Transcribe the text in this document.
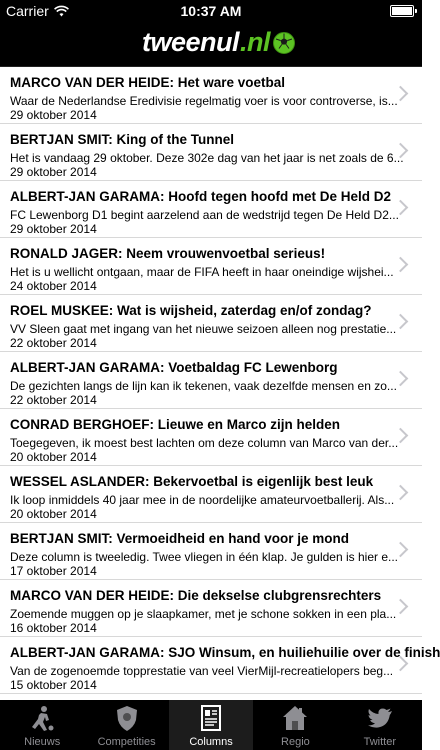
Carrier	10:37 AM
tweenul .nl
MARCO VAN DER HEIDE: Het ware voetbal
Waar de Nederlandse Eredivisie regelmatig voer is voor controverse, is...
29 oktober 2014
BERTJAN SMIT: King of the Tunnel
Het is vandaag 29 oktober. Deze 302e dag van het jaar is net zoals de 6...
29 oktober 2014
ALBERT-JAN GARAMA: Hoofd tegen hoofd met De Held D2
FC Lewenborg D1 begint aarzelend aan de wedstrijd tegen De Held D2...
29 oktober 2014
RONALD JAGER: Neem vrouwenvoetbal serieus!
Het is u wellicht ontgaan, maar de FIFA heeft in haar oneindige wijshei...
24 oktober 2014
ROEL MUSKEE: Wat is wijsheid, zaterdag en/of zondag?
VV Sleen gaat met ingang van het nieuwe seizoen alleen nog prestatie...
22 oktober 2014
ALBERT-JAN GARAMA: Voetbaldag FC Lewenborg
De gezichten langs de lijn kan ik tekenen, vaak dezelfde mensen en zo...
22 oktober 2014
CONRAD BERGHOEF: Lieuwe en Marco zijn helden
Toegegeven, ik moest best lachten om deze column van Marco van der...
20 oktober 2014
WESSEL ASLANDER: Bekervoetbal is eigenlijk best leuk
Ik loop inmiddels 40 jaar mee in de noordelijke amateurvoetballerij. Als...
20 oktober 2014
BERTJAN SMIT: Vermoeidheid en hand voor je mond
Deze column is tweeledig. Twee vliegen in één klap. Je gulden is hier e...
17 oktober 2014
MARCO VAN DER HEIDE: Die dekselse clubgrensrechters
Zoemende muggen op je slaapkamer, met je schone sokken in een pla...
16 oktober 2014
ALBERT-JAN GARAMA: SJO Winsum, en huiliehuilie over de finish
Van de zogenoemde topprestatie van veel VierMijl-recreatielopers beg...
15 oktober 2014
Nieuws	Competities	Columns	Regio	Twitter
